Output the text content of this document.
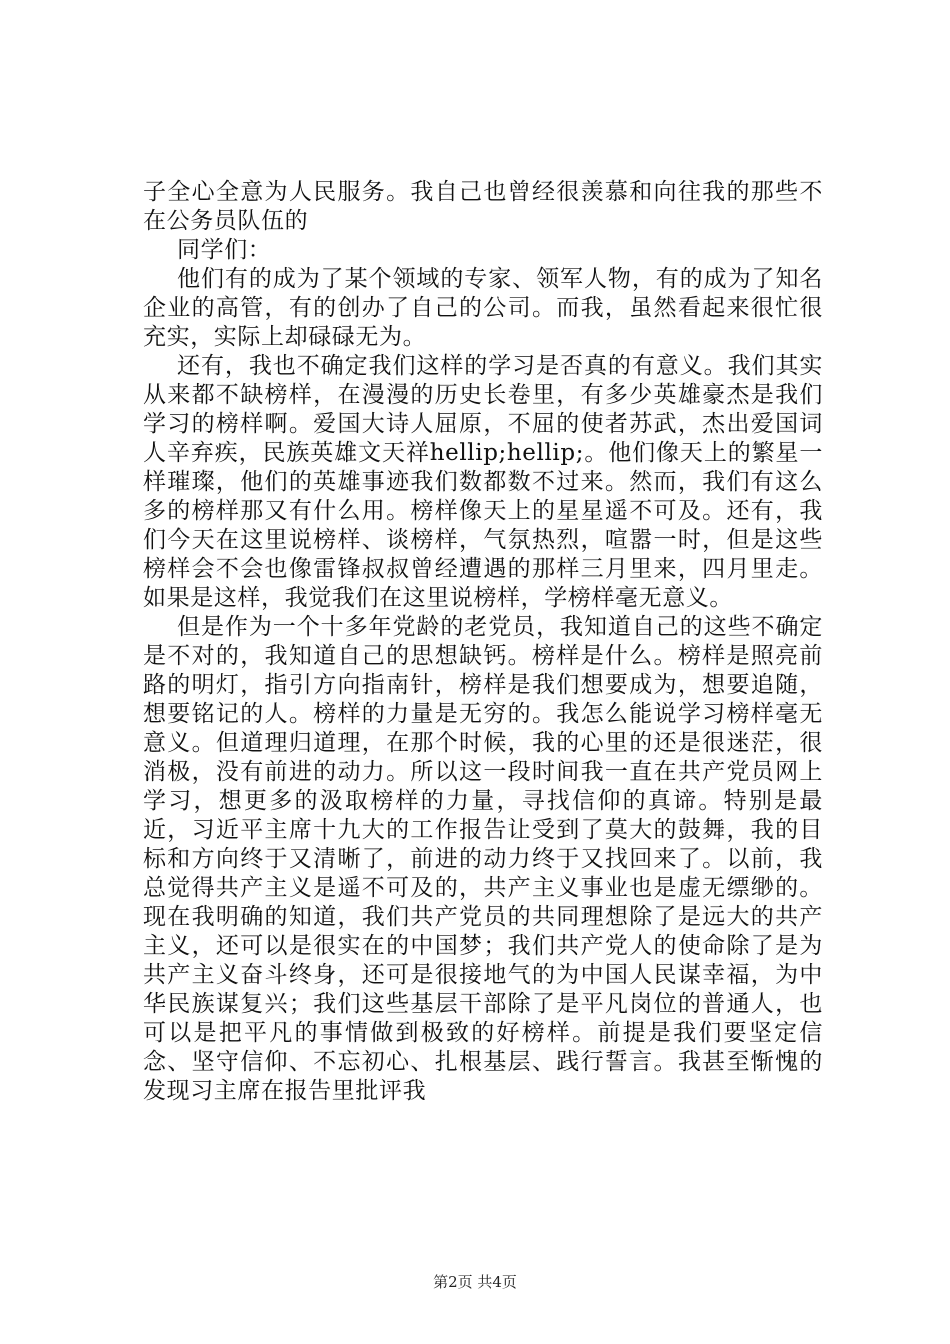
子全心全意为人民服务。我自己也曾经很羡慕和向往我的那些不在公务员队伍的

同学们：

他们有的成为了某个领域的专家、领军人物，有的成为了知名企业的高管，有的创办了自己的公司。而我，虽然看起来很忙很充实，实际上却碌碌无为。

还有，我也不确定我们这样的学习是否真的有意义。我们其实从来都不缺榜样，在漫漫的历史长卷里，有多少英雄豪杰是我们学习的榜样啊。爱国大诗人屈原，不屈的使者苏武，杰出爱国词人辛弃疾，民族英雄文天祥hellip;hellip;。他们像天上的繁星一样璀璨，他们的英雄事迹我们数都数不过来。然而，我们有这么多的榜样那又有什么用。榜样像天上的星星遥不可及。还有，我们今天在这里说榜样、谈榜样，气氛热烈，喧嚣一时，但是这些榜样会不会也像雷锋叔叔曾经遭遇的那样三月里来，四月里走。如果是这样，我觉我们在这里说榜样，学榜样毫无意义。

但是作为一个十多年党龄的老党员，我知道自己的这些不确定是不对的，我知道自己的思想缺钙。榜样是什么。榜样是照亮前路的明灯，指引方向指南针，榜样是我们想要成为，想要追随，想要铭记的人。榜样的力量是无穷的。我怎么能说学习榜样毫无意义。但道理归道理，在那个时候，我的心里的还是很迷茫，很消极，没有前进的动力。所以这一段时间我一直在共产党员网上学习，想更多的汲取榜样的力量，寻找信仰的真谛。特别是最近，习近平主席十九大的工作报告让受到了莫大的鼓舞，我的目标和方向终于又清晰了，前进的动力终于又找回来了。以前，我总觉得共产主义是遥不可及的，共产主义事业也是虚无缥缈的。现在我明确的知道，我们共产党员的共同理想除了是远大的共产主义，还可以是很实在的中国梦；我们共产党人的使命除了是为共产主义奋斗终身，还可是很接地气的为中国人民谋幸福，为中华民族谋复兴；我们这些基层干部除了是平凡岗位的普通人，也可以是把平凡的事情做到极致的好榜样。前提是我们要坚定信念、坚守信仰、不忘初心、扎根基层、践行誓言。我甚至惭愧的发现习主席在报告里批评我

第2页 共4页
